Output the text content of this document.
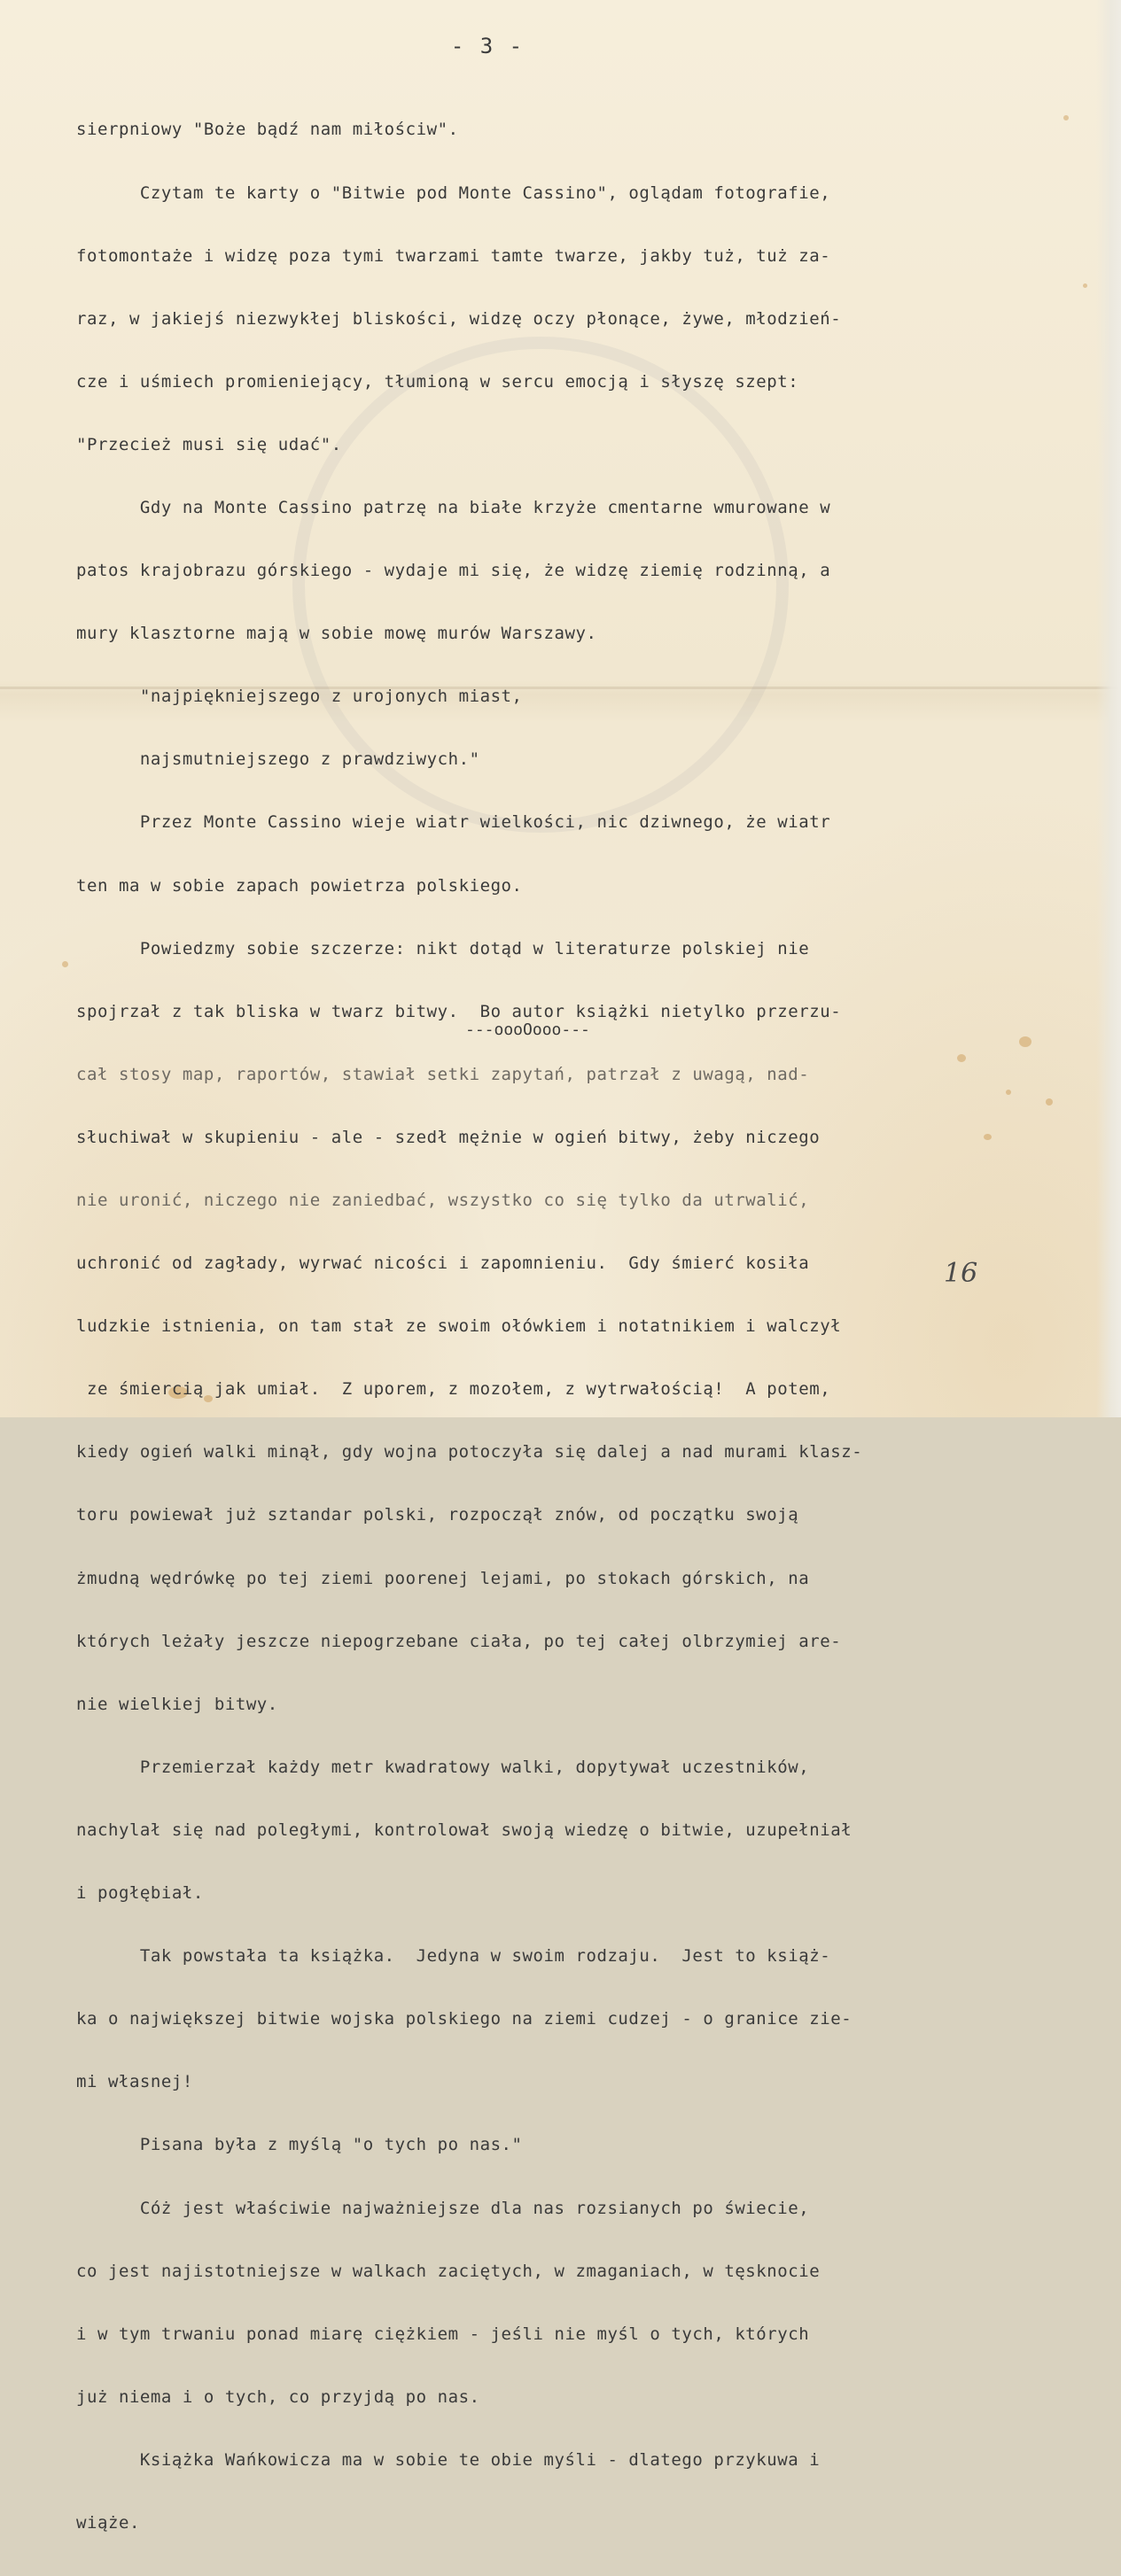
- 3 -

sierpniowy "Boże bądź nam miłościw".

Czytam te karty o "Bitwie pod Monte Cassino", oglądam fotografie,

fotomontaże i widzę poza tymi twarzami tamte twarze, jakby tuż, tuż za-

raz, w jakiejś niezwykłej bliskości, widzę oczy płonące, żywe, młodzień-

cze i uśmiech promieniejący, tłumioną w sercu emocją i słyszę szept:

"Przecież musi się udać".

Gdy na Monte Cassino patrzę na białe krzyże cmentarne wmurowane w

patos krajobrazu górskiego - wydaje mi się, że widzę ziemię rodzinną, a

mury klasztorne mają w sobie mowę murów Warszawy.

"najpiękniejszego z urojonych miast,

najsmutniejszego z prawdziwych."

Przez Monte Cassino wieje wiatr wielkości, nic dziwnego, że wiatr

ten ma w sobie zapach powietrza polskiego.

Powiedzmy sobie szczerze: nikt dotąd w literaturze polskiej nie

spojrzał z tak bliska w twarz bitwy.  Bo autor książki nietylko przerzu-

cał stosy map, raportów, stawiał setki zapytań, patrzał z uwagą, nad-

słuchiwał w skupieniu - ale - szedł mężnie w ogień bitwy, żeby niczego

nie uronić, niczego nie zaniedbać, wszystko co się tylko da utrwalić,

uchronić od zagłady, wyrwać nicości i zapomnieniu.  Gdy śmierć kosiła

ludzkie istnienia, on tam stał ze swoim ołówkiem i notatnikiem i walczył

ze śmiercią jak umiał.  Z uporem, z mozołem, z wytrwałością!  A potem,

kiedy ogień walki minął, gdy wojna potoczyła się dalej a nad murami klasz-

toru powiewał już sztandar polski, rozpoczął znów, od początku swoją

żmudną wędrówkę po tej ziemi poorenej lejami, po stokach górskich, na

których leżały jeszcze niepogrzebane ciała, po tej całej olbrzymiej are-

nie wielkiej bitwy.

Przemierzał każdy metr kwadratowy walki, dopytywał uczestników,

nachylał się nad poległymi, kontrolował swoją wiedzę o bitwie, uzupełniał

i pogłębiał.

Tak powstała ta książka.  Jedyna w swoim rodzaju.  Jest to książ-

ka o największej bitwie wojska polskiego na ziemi cudzej - o granice zie-

mi własnej!

Pisana była z myślą "o tych po nas."

Cóż jest właściwie najważniejsze dla nas rozsianych po świecie,

co jest najistotniejsze w walkach zaciętych, w zmaganiach, w tęsknocie

i w tym trwaniu ponad miarę ciężkiem - jeśli nie myśl o tych, których

już niema i o tych, co przyjdą po nas.

Książka Wańkowicza ma w sobie te obie myśli - dlatego przykuwa i

wiąże.

---oooOooo---
16
